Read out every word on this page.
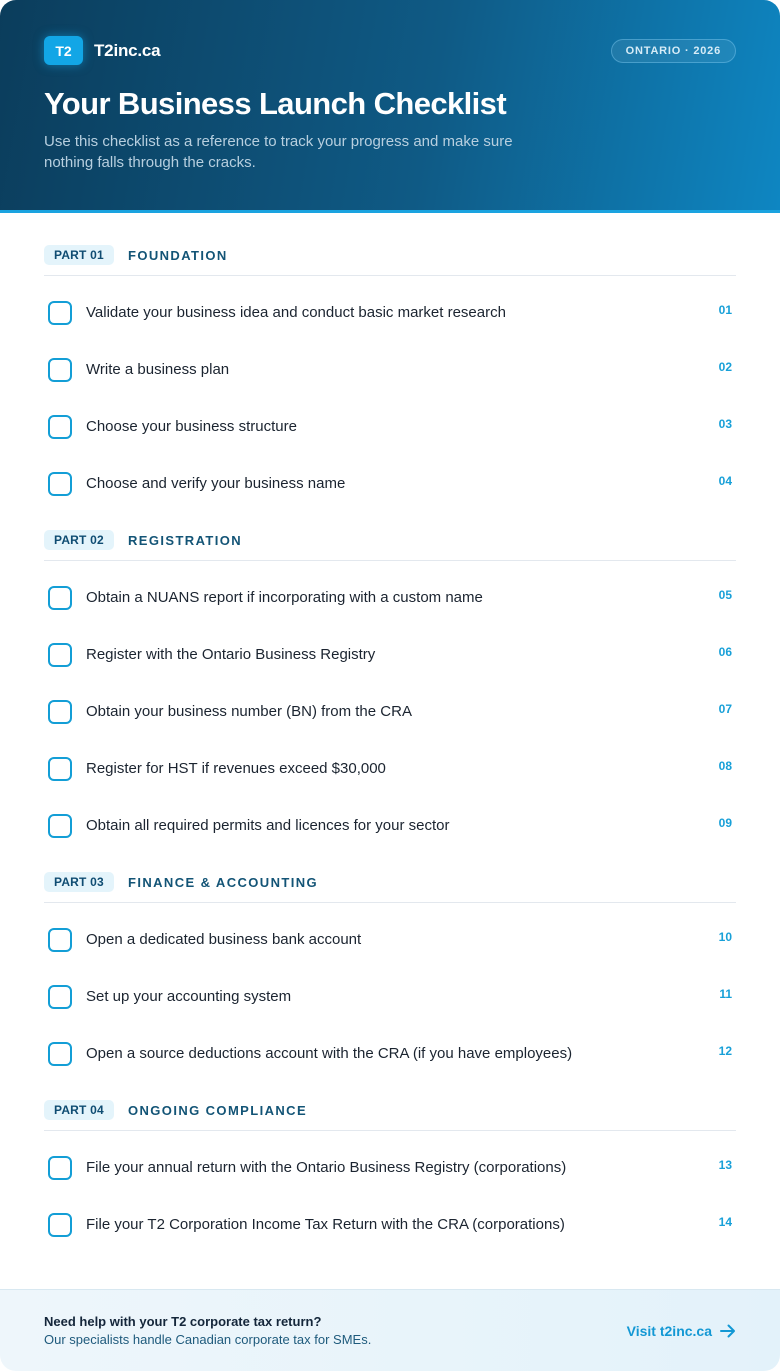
T2	T2inc.ca	ONTARIO · 2026
Your Business Launch Checklist

Use this checklist as a reference to track your progress and make sure nothing falls through the cracks.

PART 01	FOUNDATION
Validate your business idea and conduct basic market research	01
Write a business plan	02
Choose your business structure	03
Choose and verify your business name	04
PART 02	REGISTRATION
Obtain a NUANS report if incorporating with a custom name	05
Register with the Ontario Business Registry	06
Obtain your business number (BN) from the CRA	07
Register for HST if revenues exceed $30,000	08
Obtain all required permits and licences for your sector	09
PART 03	FINANCE & ACCOUNTING
Open a dedicated business bank account	10
Set up your accounting system	11
Open a source deductions account with the CRA (if you have employees)	12
PART 04	ONGOING COMPLIANCE
File your annual return with the Ontario Business Registry (corporations)	13
File your T2 Corporation Income Tax Return with the CRA (corporations)	14
Need help with your T2 corporate tax return?
Our specialists handle Canadian corporate tax for SMEs.
Visit t2inc.ca
